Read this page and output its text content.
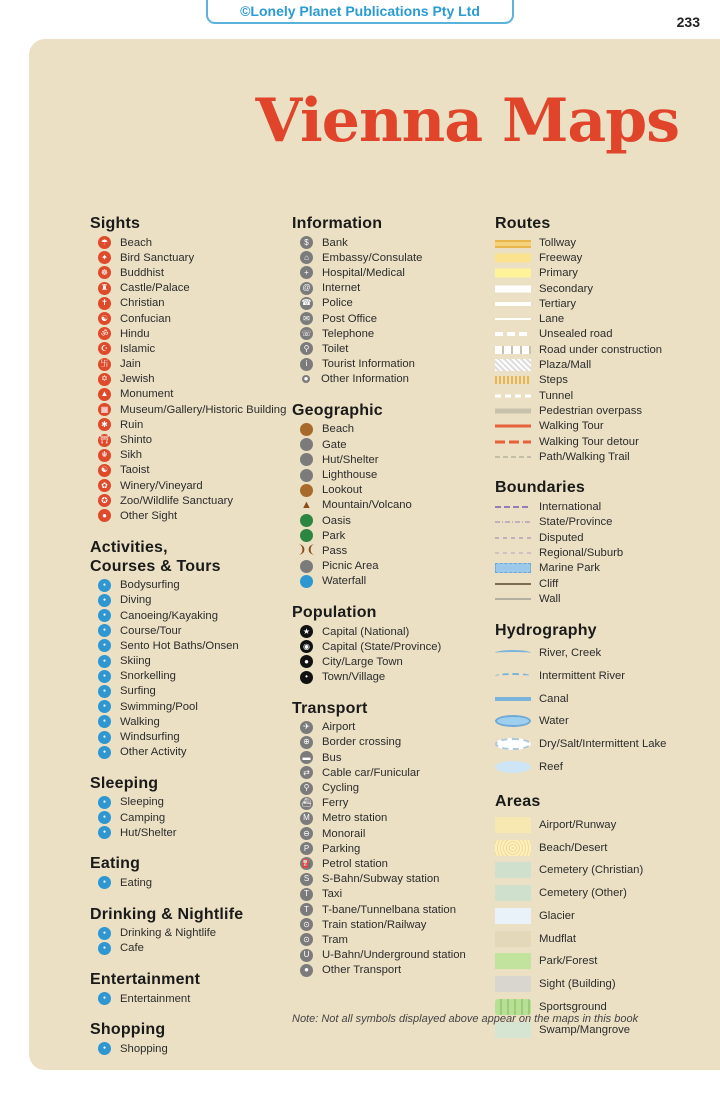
©Lonely Planet Publications Pty Ltd
233
Vienna Maps
Sights
☂ Beach
✦ Bird Sanctuary
☸ Buddhist
♜ Castle/Palace
✝ Christian
☯ Confucian
ॐ Hindu
☪ Islamic
卐 Jain
✡ Jewish
▲ Monument
▦ Museum/Gallery/Historic Building
✱ Ruin
⛩ Shinto
☬	Sikh
☯ Taoist
✿ Winery/Vineyard
✪ Zoo/Wildlife Sanctuary
●	Other Sight
Activities,
Courses & Tours
●	Bodysurfing
●	Diving
●	Canoeing/Kayaking
●	Course/Tour
●	Sento Hot Baths/Onsen
●	Skiing
●	Snorkelling
●	Surfing
●	Swimming/Pool
●	Walking
●	Windsurfing
●	Other Activity
Sleeping
●	Sleeping
●	Camping
●	Hut/Shelter
Eating
●	Eating
Drinking & Nightlife
●	Drinking & Nightlife
●	Cafe
Entertainment
●	Entertainment
Shopping
●	Shopping
Information
$	Bank
⌂	Embassy/Consulate
+	Hospital/Medical
@ Internet
☎ Police
✉ Post Office
☏ Telephone
⚲	Toilet
i	Tourist Information
● Other Information
Geographic
Beach
Gate
Hut/Shelter
Lighthouse
Lookout
▲ Mountain/Volcano
Oasis
Park
❩❨ Pass
Picnic Area
Waterfall
Population
★ Capital (National)
◉ Capital (State/Province)
●	City/Large Town
•	Town/Village
Transport
✈ Airport
⊕ Border crossing
▬ Bus
⇄ Cable car/Funicular
⚲	Cycling
⛴ Ferry
M Metro station
⊖ Monorail
P	Parking
⛽ Petrol station
S	S-Bahn/Subway station
T	Taxi
T	T-bane/Tunnelbana station
⊙ Train station/Railway
⊙ Tram
U	U-Bahn/Underground station
●	Other Transport
Routes
Tollway
Freeway
Primary
Secondary
Tertiary
Lane
Unsealed road
Road under construction
Plaza/Mall
Steps
Tunnel
Pedestrian overpass
Walking Tour
Walking Tour detour
Path/Walking Trail
Boundaries
International
State/Province
Disputed
Regional/Suburb
Marine Park
Cliff
Wall
Hydrography
River, Creek
Intermittent River
Canal
Water
Dry/Salt/Intermittent Lake
Reef
Areas
Airport/Runway
Beach/Desert
Cemetery (Christian)
Cemetery (Other)
Glacier
Mudflat
Park/Forest
Sight (Building)
Sportsground
Swamp/Mangrove
Note: Not all symbols displayed above appear on the maps in this book
